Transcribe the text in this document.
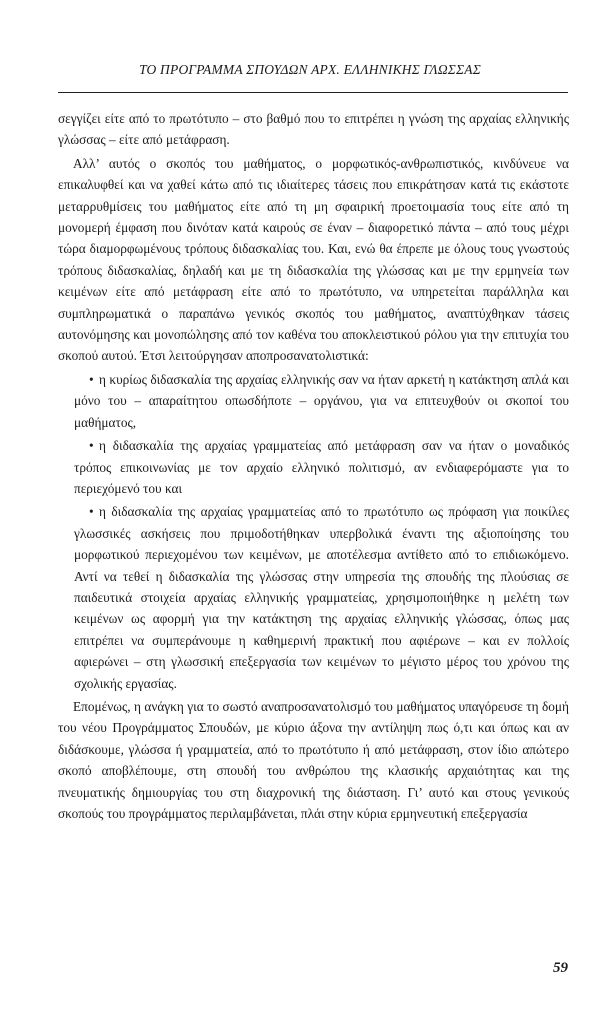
ΤΟ ΠΡΟΓΡΑΜΜΑ ΣΠΟΥΔΩΝ ΑΡΧ. ΕΛΛΗΝΙΚΗΣ ΓΛΩΣΣΑΣ

σεγγίζει είτε από το πρωτότυπο – στο βαθμό που το επιτρέπει η γνώση της αρχαίας ελληνικής γλώσσας – είτε από μετάφραση.

Αλλ’ αυτός ο σκοπός του μαθήματος, ο μορφωτικός-ανθρωπιστικός, κινδύνευε να επικαλυφθεί και να χαθεί κάτω από τις ιδιαίτερες τάσεις που επικράτησαν κατά τις εκάστοτε μεταρρυθμίσεις του μαθήματος είτε από τη μη σφαιρική προετοιμασία τους είτε από τη μονομερή έμφαση που δινόταν κατά καιρούς σε έναν – διαφορετικό πάντα – από τους μέχρι τώρα διαμορφωμένους τρόπους διδασκαλίας του. Και, ενώ θα έπρεπε με όλους τους γνωστούς τρόπους διδασκαλίας, δηλαδή και με τη διδασκαλία της γλώσσας και με την ερμηνεία των κειμένων είτε από μετάφραση είτε από το πρωτότυπο, να υπηρετείται παράλληλα και συμπληρωματικά ο παραπάνω γενικός σκοπός του μαθήματος, αναπτύχθηκαν τάσεις αυτονόμησης και μονοπώλησης από τον καθένα του αποκλειστικού ρόλου για την επιτυχία του σκοπού αυτού. Έτσι λειτούργησαν αποπροσανατολιστικά:

• η κυρίως διδασκαλία της αρχαίας ελληνικής σαν να ήταν αρκετή η κατάκτηση απλά και μόνο του – απαραίτητου οπωσδήποτε – οργάνου, για να επιτευχθούν οι σκοποί του μαθήματος,

• η διδασκαλία της αρχαίας γραμματείας από μετάφραση σαν να ήταν ο μοναδικός τρόπος επικοινωνίας με τον αρχαίο ελληνικό πολιτισμό, αν ενδιαφερόμαστε για το περιεχόμενό του και

• η διδασκαλία της αρχαίας γραμματείας από το πρωτότυπο ως πρόφαση για ποικίλες γλωσσικές ασκήσεις που πριμοδοτήθηκαν υπερβολικά έναντι της αξιοποίησης του μορφωτικού περιεχομένου των κειμένων, με αποτέλεσμα αντίθετο από το επιδιωκόμενο. Αντί να τεθεί η διδασκαλία της γλώσσας στην υπηρεσία της σπουδής της πλούσιας σε παιδευτικά στοιχεία αρχαίας ελληνικής γραμματείας, χρησιμοποιήθηκε η μελέτη των κειμένων ως αφορμή για την κατάκτηση της αρχαίας ελληνικής γλώσσας, όπως μας επιτρέπει να συμπεράνουμε η καθημερινή πρακτική που αφιέρωνε – και εν πολλοίς αφιερώνει – στη γλωσσική επεξεργασία των κειμένων το μέγιστο μέρος του χρόνου της σχολικής εργασίας.

Επομένως, η ανάγκη για το σωστό αναπροσανατολισμό του μαθήματος υπαγόρευσε τη δομή του νέου Προγράμματος Σπουδών, με κύριο άξονα την αντίληψη πως ό,τι και όπως και αν διδάσκουμε, γλώσσα ή γραμματεία, από το πρωτότυπο ή από μετάφραση, στον ίδιο απώτερο σκοπό αποβλέπουμε, στη σπουδή του ανθρώπου της κλασικής αρχαιότητας και της πνευματικής δημιουργίας του στη διαχρονική της διάσταση. Γι’ αυτό και στους γενικούς σκοπούς του προγράμματος περιλαμβάνεται, πλάι στην κύρια ερμηνευτική επεξεργασία

59
